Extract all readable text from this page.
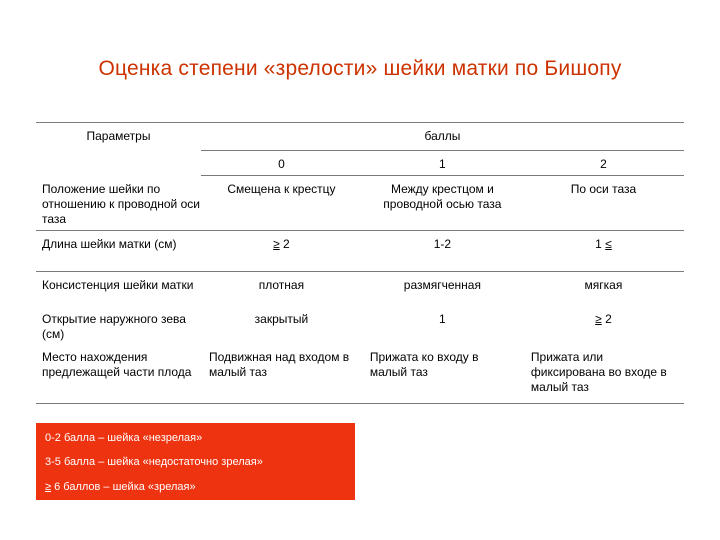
Оценка степени «зрелости» шейки матки по Бишопу
Параметры	баллы		

	0	1	2

Положение шейки по отношению к проводной оси таза	Смещена к крестцу	Между крестцом и проводной осью таза	По оси таза

Длина шейки матки (см)	≥ 2	1-2	1 ≤

Консистенция шейки матки	плотная	размягченная	мягкая

Открытие наружного зева (см)	закрытый	1	≥ 2

Место нахождения предлежащей части плода	Подвижная над входом в малый таз	Прижата ко входу в малый таз	Прижата или фиксирована во входе в малый таз
0-2 балла – шейка «незрелая»
3-5 балла – шейка «недостаточно зрелая»
≥ 6 баллов – шейка «зрелая»
